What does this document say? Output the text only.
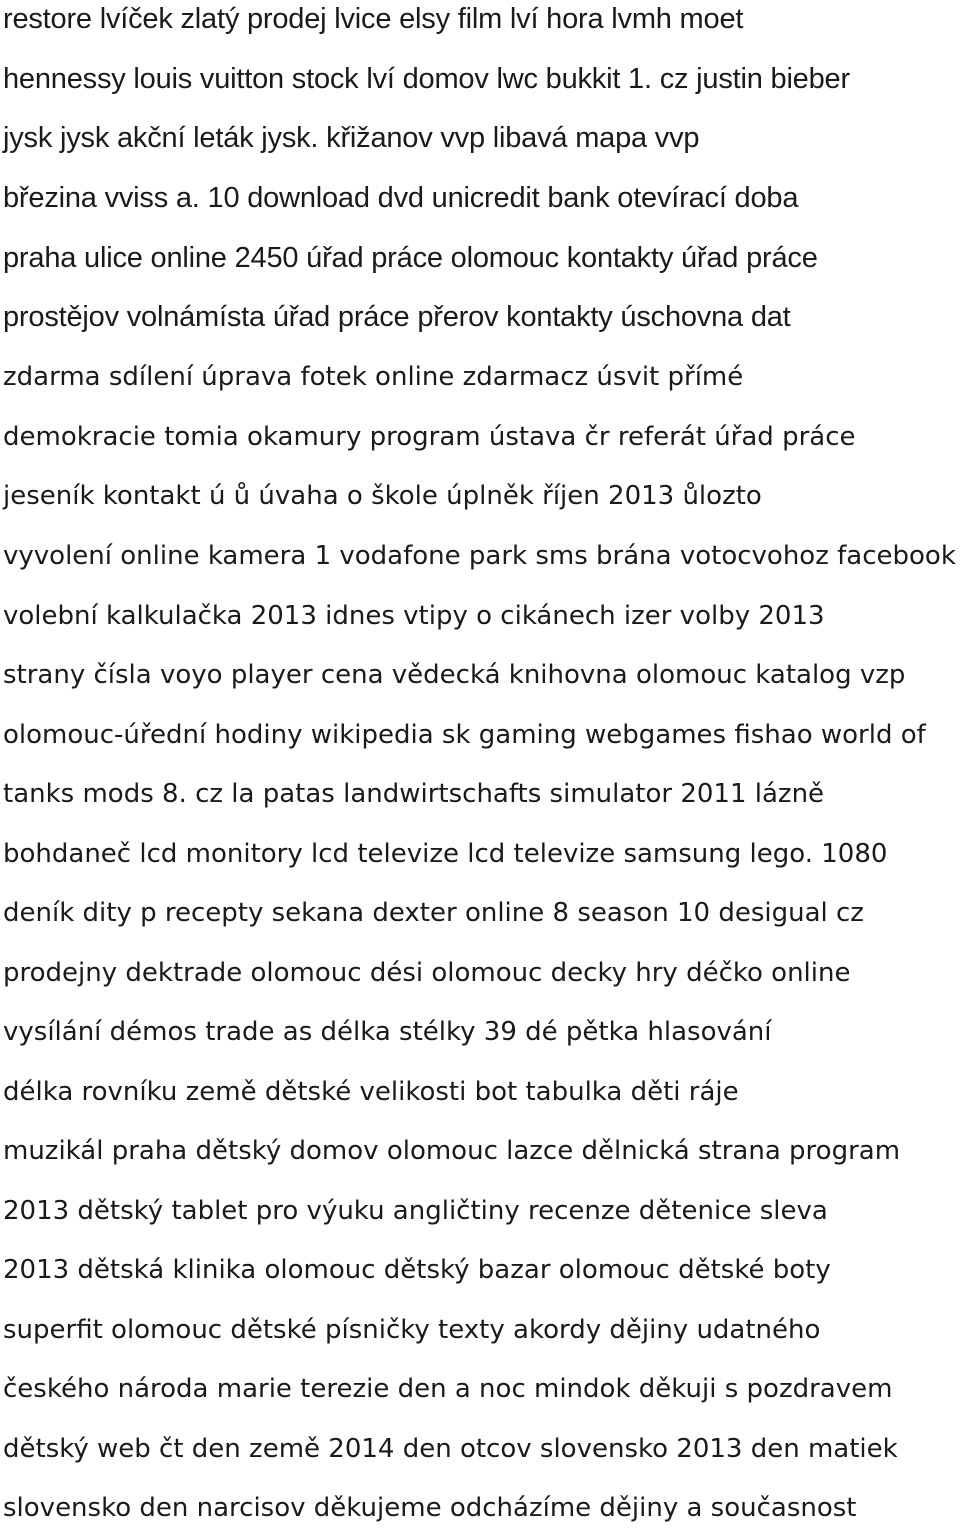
restore lvíček zlatý prodej lvice elsy film lví hora lvmh moet
hennessy louis vuitton stock lví domov lwc bukkit 1. cz justin bieber
jysk jysk akční leták jysk. křižanov vvp libavá mapa vvp
březina vviss a. 10 download dvd unicredit bank otevírací doba
praha ulice online 2450 úřad práce olomouc kontakty úřad práce
prostějov volnámísta úřad práce přerov kontakty úschovna dat
zdarma sdílení úprava fotek online zdarmacz úsvit přímé
demokracie tomia okamury program ústava čr referát úřad práce
jeseník kontakt ú ů úvaha o škole úplněk říjen 2013 ůlozto
vyvolení online kamera 1 vodafone park sms brána votocvohoz facebook
volební kalkulačka 2013 idnes vtipy o cikánech izer volby 2013
strany čísla voyo player cena vědecká knihovna olomouc katalog vzp
olomouc-úřední hodiny wikipedia sk gaming webgames fishao world of
tanks mods 8. cz la patas landwirtschafts simulator 2011 lázně
bohdaneč lcd monitory lcd televize lcd televize samsung lego. 1080
deník dity p recepty sekana dexter online 8 season 10 desigual cz
prodejny dektrade olomouc dési olomouc decky hry déčko online
vysílání démos trade as délka stélky 39 dé pětka hlasování
délka rovníku země dětské velikosti bot tabulka děti ráje
muzikál praha dětský domov olomouc lazce dělnická strana program
2013 dětský tablet pro výuku angličtiny recenze dětenice sleva
2013 dětská klinika olomouc dětský bazar olomouc dětské boty
superfit olomouc dětské písničky texty akordy dějiny udatného
českého národa marie terezie den a noc mindok děkuji s pozdravem
dětský web čt den země 2014 den otcov slovensko 2013 den matiek
slovensko den narcisov děkujeme odcházíme dějiny a současnost
